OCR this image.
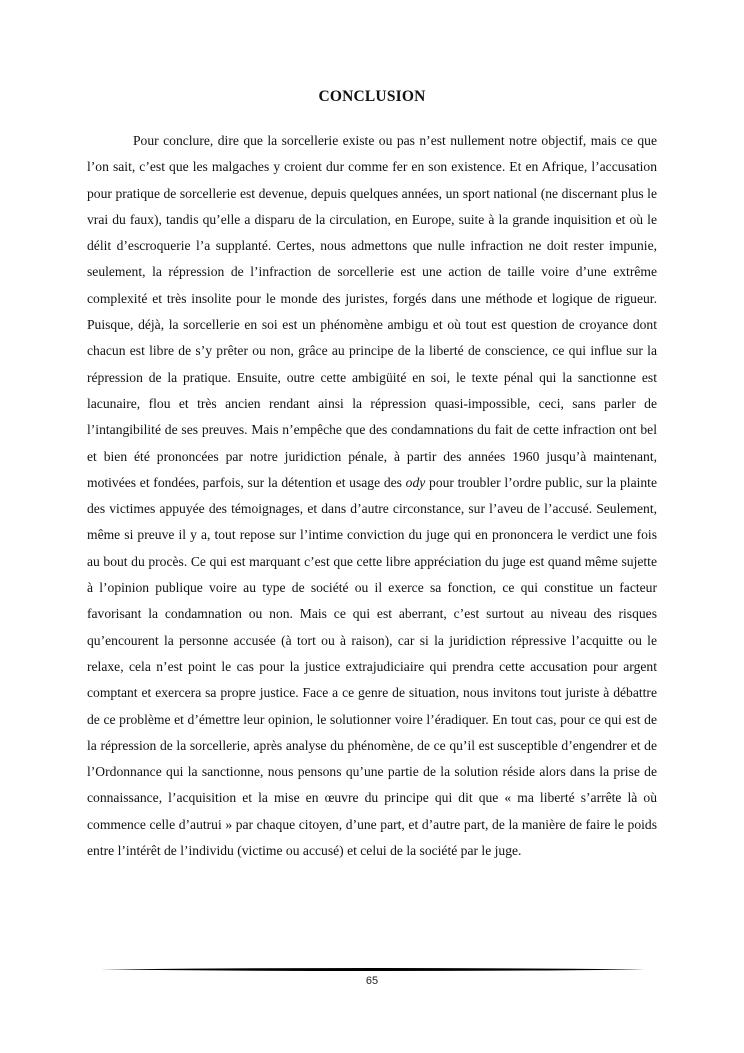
CONCLUSION

Pour conclure, dire que la sorcellerie existe ou pas n’est nullement notre objectif, mais ce que l’on sait, c’est que les malgaches y croient dur comme fer en son existence. Et en Afrique, l’accusation pour pratique de sorcellerie est devenue, depuis quelques années, un sport national (ne discernant plus le vrai du faux), tandis qu’elle a disparu de la circulation, en Europe, suite à la grande inquisition et où le délit d’escroquerie l’a supplanté. Certes, nous admettons que nulle infraction ne doit rester impunie, seulement, la répression de l’infraction de sorcellerie est une action de taille voire d’une extrême complexité et très insolite pour le monde des juristes, forgés dans une méthode et logique de rigueur. Puisque, déjà, la sorcellerie en soi est un phénomène ambigu et où tout est question de croyance dont chacun est libre de s’y prêter ou non, grâce au principe de la liberté de conscience, ce qui influe sur la répression de la pratique. Ensuite, outre cette ambigüité en soi, le texte pénal qui la sanctionne est lacunaire, flou et très ancien rendant ainsi la répression quasi-impossible, ceci, sans parler de l’intangibilité de ses preuves. Mais n’empêche que des condamnations du fait de cette infraction ont bel et bien été prononcées par notre juridiction pénale, à partir des années 1960 jusqu’à maintenant, motivées et fondées, parfois, sur la détention et usage des ody pour troubler l’ordre public, sur la plainte des victimes appuyée des témoignages, et dans d’autre circonstance, sur l’aveu de l’accusé. Seulement, même si preuve il y a, tout repose sur l’intime conviction du juge qui en prononcera le verdict une fois au bout du procès. Ce qui est marquant c’est que cette libre appréciation du juge est quand même sujette à l’opinion publique voire au type de société ou il exerce sa fonction, ce qui constitue un facteur favorisant la condamnation ou non. Mais ce qui est aberrant, c’est surtout au niveau des risques qu’encourent la personne accusée (à tort ou à raison), car si la juridiction répressive l’acquitte ou le relaxe, cela n’est point le cas pour la justice extrajudiciaire qui prendra cette accusation pour argent comptant et exercera sa propre justice. Face a ce genre de situation, nous invitons tout juriste à débattre de ce problème et d’émettre leur opinion, le solutionner voire l’éradiquer. En tout cas, pour ce qui est de la répression de la sorcellerie, après analyse du phénomène, de ce qu’il est susceptible d’engendrer et de l’Ordonnance qui la sanctionne, nous pensons qu’une partie de la solution réside alors dans la prise de connaissance, l’acquisition et la mise en œuvre du principe qui dit que « ma liberté s’arrête là où commence celle d’autrui » par chaque citoyen, d’une part, et d’autre part, de la manière de faire le poids entre l’intérêt de l’individu (victime ou accusé) et celui de la société par le juge.

65
